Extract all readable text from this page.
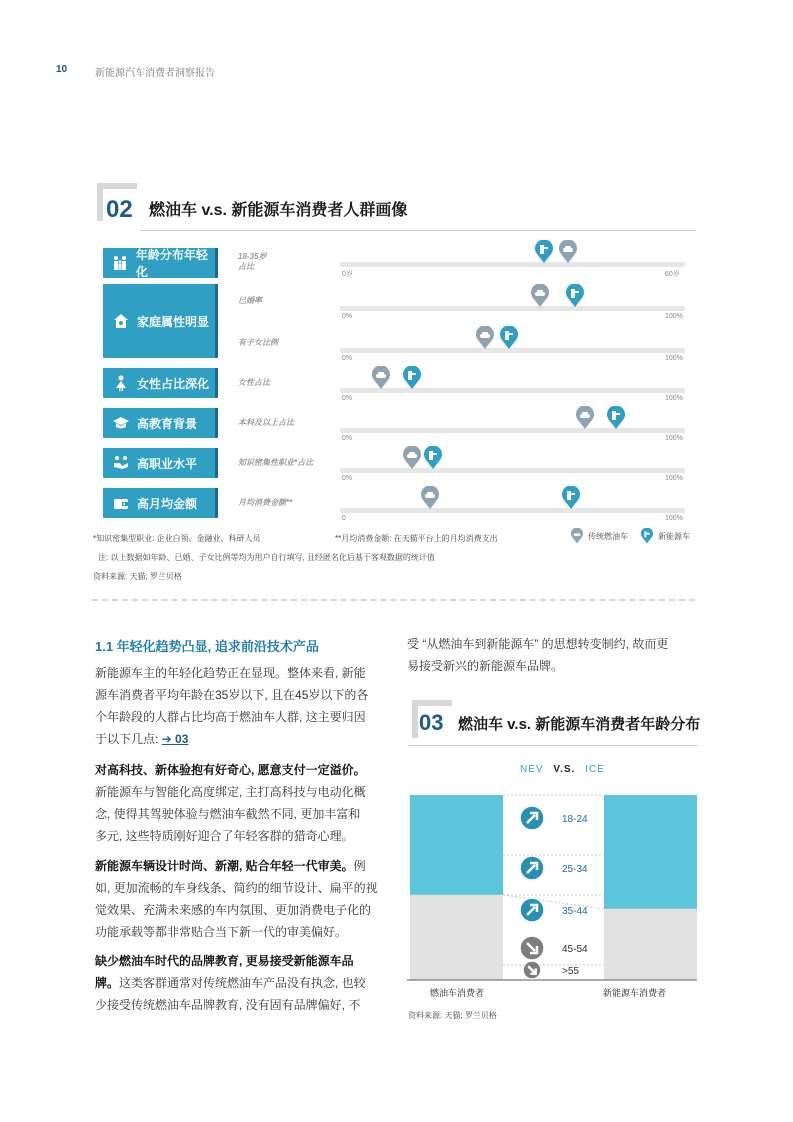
10	新能源汽车消费者洞察报告
02 燃油车 v.s. 新能源车消费者人群画像
年龄分布年轻化
家庭属性明显
女性占比深化
高教育背景
高职业水平
高月均金额
18-35岁
占比
0岁	60岁
已婚率
0%	100%
有子女比例
0%	100%
女性占比
0%	100%
本科及以上占比
0%	100%
知识密集性职业*占比
0%	100%
月均消费金额**
0	100%
*知识密集型职业: 企业白领、金融业、科研人员	**月均消费金额: 在天猫平台上的月均消费支出	传统燃油车	新能源车
注: 以上数据如年龄、已婚、子女比例等均为用户自行填写, 且经匿名化后基于客观数据的统计值
资料来源: 天猫; 罗兰贝格
1.1 年轻化趋势凸显, 追求前沿技术产品
新能源车主的年轻化趋势正在显现。整体来看, 新能
源车消费者平均年龄在35岁以下, 且在45岁以下的各
个年龄段的人群占比均高于燃油车人群, 这主要归因
于以下几点: ➔ 03
对高科技、新体验抱有好奇心, 愿意支付一定溢价。
新能源车与智能化高度绑定, 主打高科技与电动化概
念, 使得其驾驶体验与燃油车截然不同, 更加丰富和
多元, 这些特质刚好迎合了年轻客群的猎奇心理。
新能源车辆设计时尚、新潮, 贴合年轻一代审美。例
如, 更加流畅的车身线条、简约的细节设计、扁平的视
觉效果、充满未来感的车内氛围、更加消费电子化的
功能承载等都非常贴合当下新一代的审美偏好。
缺少燃油车时代的品牌教育, 更易接受新能源车品
牌。这类客群通常对传统燃油车产品没有执念, 也较
少接受传统燃油车品牌教育, 没有固有品牌偏好, 不
受 “从燃油车到新能源车” 的思想转变制约, 故而更
易接受新兴的新能源车品牌。
03 燃油车 v.s. 新能源车消费者年龄分布
NEV V.S. ICE
18-24
25-34
35-44
45-54
>55
燃油车消费者	新能源车消费者
资料来源: 天猫; 罗兰贝格
